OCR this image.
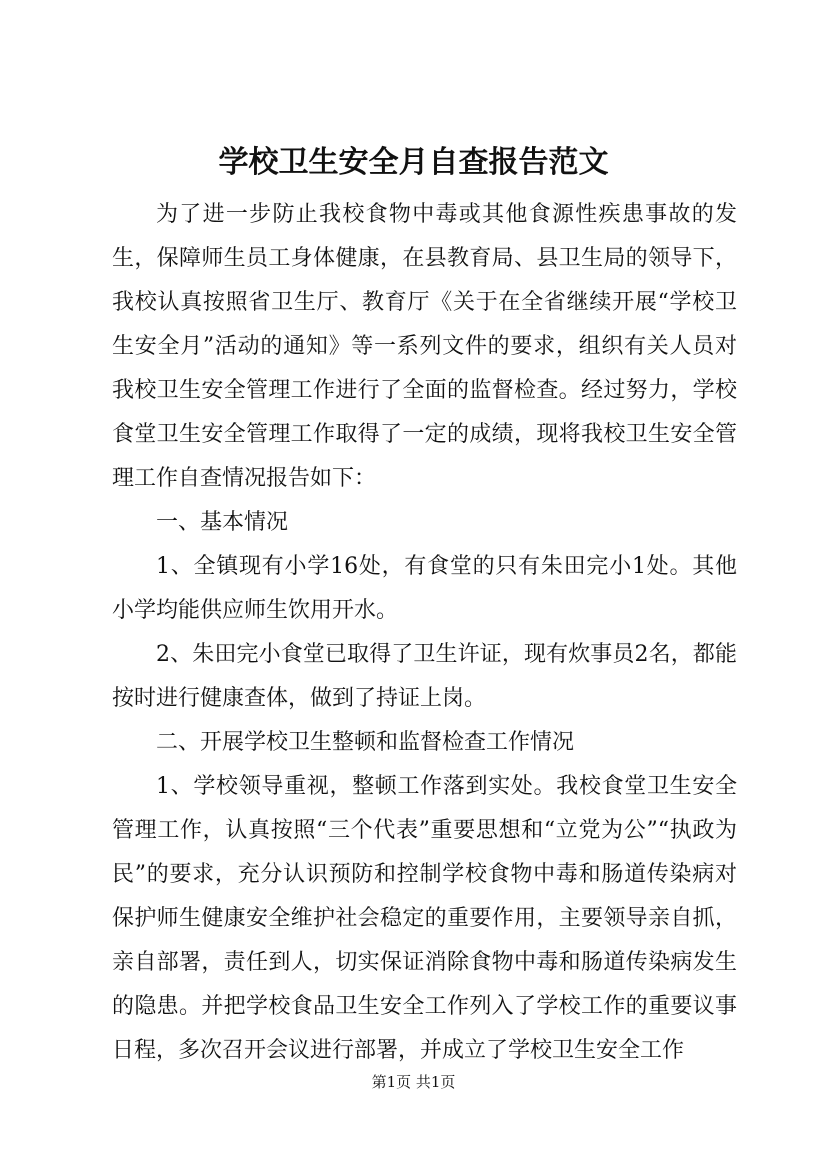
学校卫生安全月自查报告范文

为了进一步防止我校食物中毒或其他食源性疾患事故的发生，保障师生员工身体健康，在县教育局、县卫生局的领导下，我校认真按照省卫生厅、教育厅《关于在全省继续开展“学校卫生安全月”活动的通知》等一系列文件的要求，组织有关人员对我校卫生安全管理工作进行了全面的监督检查。经过努力，学校食堂卫生安全管理工作取得了一定的成绩，现将我校卫生安全管理工作自查情况报告如下：

一、基本情况

1、全镇现有小学16处，有食堂的只有朱田完小1处。其他小学均能供应师生饮用开水。

2、朱田完小食堂已取得了卫生许证，现有炊事员2名，都能按时进行健康查体，做到了持证上岗。

二、开展学校卫生整顿和监督检查工作情况

1、学校领导重视，整顿工作落到实处。我校食堂卫生安全管理工作，认真按照“三个代表”重要思想和“立党为公”“执政为民”的要求，充分认识预防和控制学校食物中毒和肠道传染病对保护师生健康安全维护社会稳定的重要作用，主要领导亲自抓，亲自部署，责任到人，切实保证消除食物中毒和肠道传染病发生的隐患。并把学校食品卫生安全工作列入了学校工作的重要议事日程，多次召开会议进行部署，并成立了学校卫生安全工作

第1页 共1页
